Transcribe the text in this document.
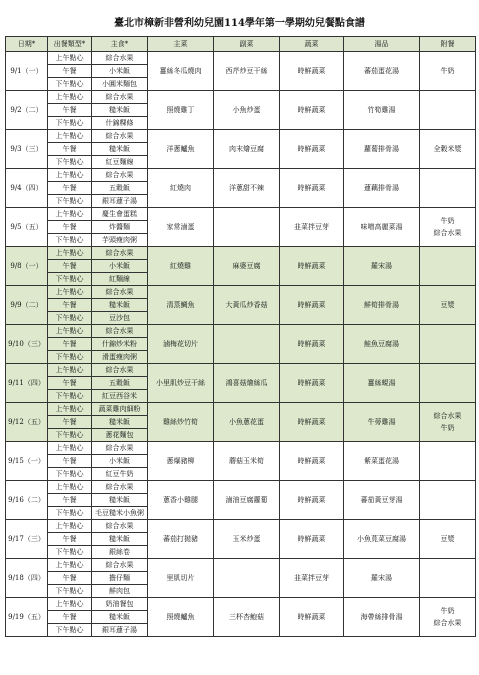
臺北市樟新非營利幼兒園114學年第一學期幼兒餐點食譜
日期*	出餐類型*	主食*	主菜	副菜	蔬菜	湯品	附餐
9/1（一）	上午點心	綜合水果	薑絲冬瓜燒肉	西芹炒豆干絲	時鮮蔬菜	蕃茄蛋花湯	牛奶

	午餐	小米飯					
	下午點心	小圓米麵包					
9/2（二）	上午點心	綜合水果	照燒雞丁	小魚炒蛋	時鮮蔬菜	竹筍雞湯	
	午餐	糙米飯					
	下午點心	什錦粿條					
9/3（三）	上午點心	綜合水果	洋蔥鱸魚	肉末燴豆腐	時鮮蔬菜	蘿蔔排骨湯	全穀米漿

	午餐	糙米飯					
	下午點心	紅豆麵線					
9/4（四）	上午點心	綜合水果	紅燒肉	洋蔥甜不辣	時鮮蔬菜	蓮藕排骨湯	
	午餐	五穀飯					
	下午點心	銀耳蓮子湯					
9/5（五）	上午點心	慶生會蛋糕	家常滷蛋		韭菜拌豆芽	味噌高麗菜湯	牛奶
綜合水果

	午餐	炸醬麵					
	下午點心	芋頭瘦肉粥					
9/8（一）	上午點心	綜合水果	紅燒雞	麻婆豆腐	時鮮蔬菜	羅宋湯	
	午餐	小米飯					
	下午點心	紅麵線					
9/9（二）	上午點心	綜合水果	清蒸鯛魚	大黃瓜炒香菇	時鮮蔬菜	鮮筍排骨湯	豆漿

	午餐	糙米飯					
	下午點心	豆沙包					
9/10（三）	上午點心	綜合水果	滷梅花切片		時鮮蔬菜	鮭魚豆腐湯	
	午餐	什錦炒米粉					
	下午點心	滑蛋瘦肉粥					
9/11（四）	上午點心	綜合水果	小里肌炒豆干絲	鴻喜菇燴絲瓜	時鮮蔬菜	薑絲蜆湯	
	午餐	五穀飯					
	下午點心	紅豆西谷米					
9/12（五）	上午點心	蔬菜雞肉細粉	雞絲炒竹筍	小魚蔥花蛋	時鮮蔬菜	牛蒡雞湯	綜合水果
牛奶

	午餐	糙米飯					
	下午點心	蔥花麵包					
9/15（一）	上午點心	綜合水果	蔥爆豬柳	蘑菇玉米筍	時鮮蔬菜	紫菜蛋花湯	
	午餐	小米飯					
	下午點心	紅豆牛奶					
9/16（二）	上午點心	綜合水果	蔥香小雞腿	滷油豆腐蘿蔔	時鮮蔬菜	蕃茄黃豆芽湯	
	午餐	糙米飯					
	下午點心	毛豆糙米小魚粥					
9/17（三）	上午點心	綜合水果	蕃茄打拋豬	玉米炒蛋	時鮮蔬菜	小魚莧菜豆腐湯	豆漿

	午餐	糙米飯					
	下午點心	銀絲卷					
9/18（四）	上午點心	綜合水果	里肌切片		韭菜拌豆芽	羅宋湯	
	午餐	擔仔麵					
	下午點心	鮮肉包					
9/19（五）	上午點心	奶油餐包	照燒鱸魚	三杯杏鮑菇	時鮮蔬菜	海帶絲排骨湯	牛奶
綜合水果

	午餐	糙米飯					
	下午點心	銀耳蓮子湯					
